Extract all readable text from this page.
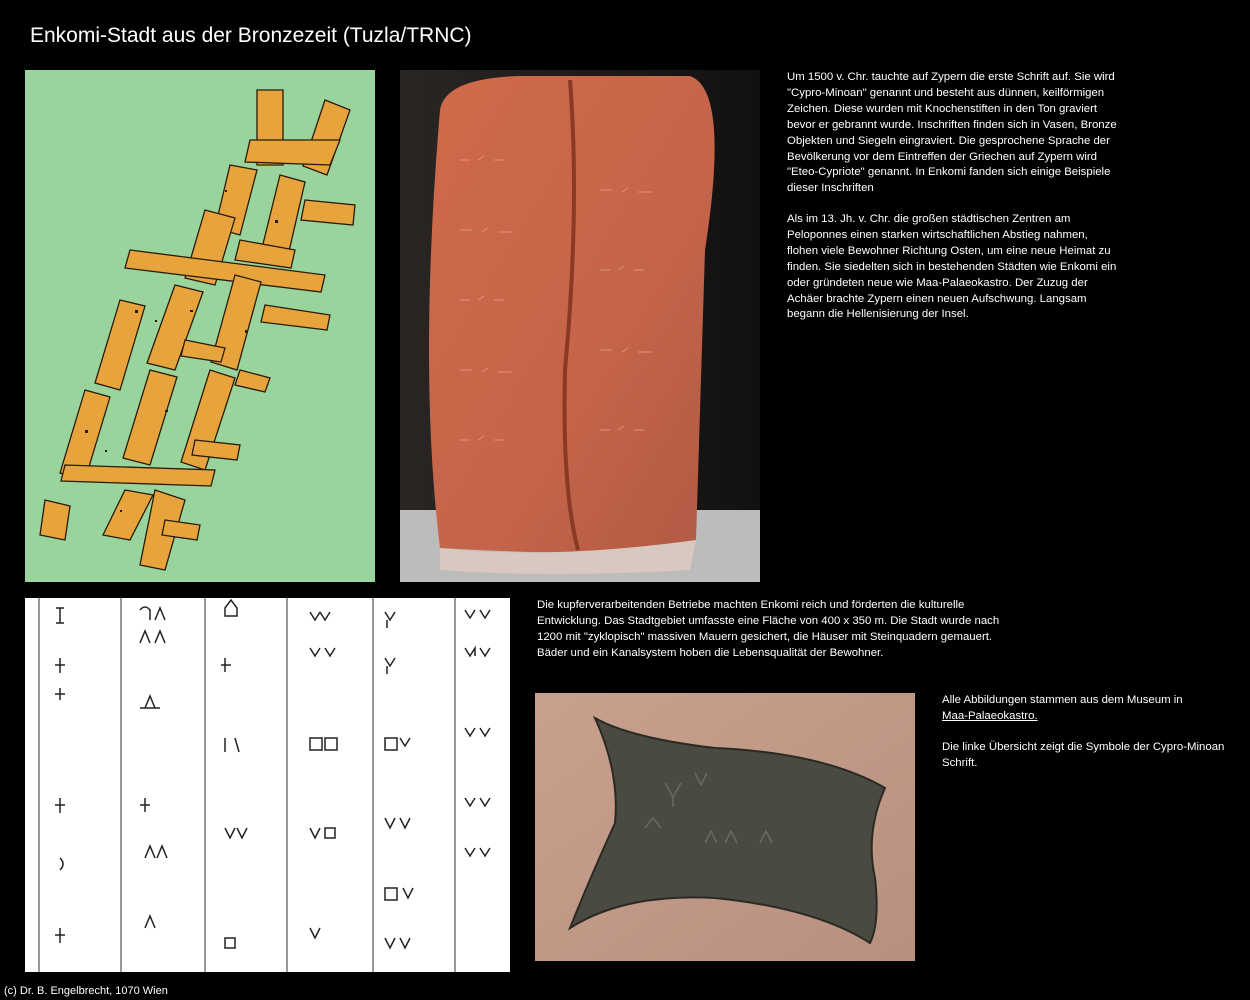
Enkomi-Stadt aus der Bronzezeit (Tuzla/TRNC)
Um 1500 v. Chr. tauchte auf Zypern die erste Schrift auf. Sie wird "Cypro-Minoan" genannt und besteht aus dünnen, keilförmigen Zeichen. Diese wurden mit Knochenstiften in den Ton graviert bevor er gebrannt wurde. Inschriften finden sich in Vasen, Bronze Objekten und Siegeln eingraviert. Die gesprochene Sprache der Bevölkerung vor dem Eintreffen der Griechen auf Zypern wird "Eteo-Cypriote" genannt. In Enkomi fanden sich einige Beispiele dieser Inschriften
Als im 13. Jh. v. Chr. die großen städtischen Zentren am Peloponnes einen starken wirtschaftlichen Abstieg nahmen, flohen viele Bewohner Richtung Osten, um eine neue Heimat zu finden. Sie siedelten sich in bestehenden Städten wie Enkomi ein oder gründeten neue wie Maa-Palaeokastro. Der Zuzug der Achäer brachte Zypern einen neuen Aufschwung. Langsam begann die Hellenisierung der Insel.
Die kupferverarbeitenden Betriebe machten Enkomi reich und förderten die kulturelle Entwicklung. Das Stadtgebiet umfasste eine Fläche von 400 x 350 m. Die Stadt wurde nach 1200 mit "zyklopisch" massiven Mauern gesichert, die Häuser mit Steinquadern gemauert. Bäder und ein Kanalsystem hoben die Lebensqualität der Bewohner.
Alle Abbildungen stammen aus dem Museum in
Maa-Palaeokastro.
Die linke Übersicht zeigt die Symbole der Cypro-Minoan Schrift.
(c) Dr. B. Engelbrecht, 1070 Wien
